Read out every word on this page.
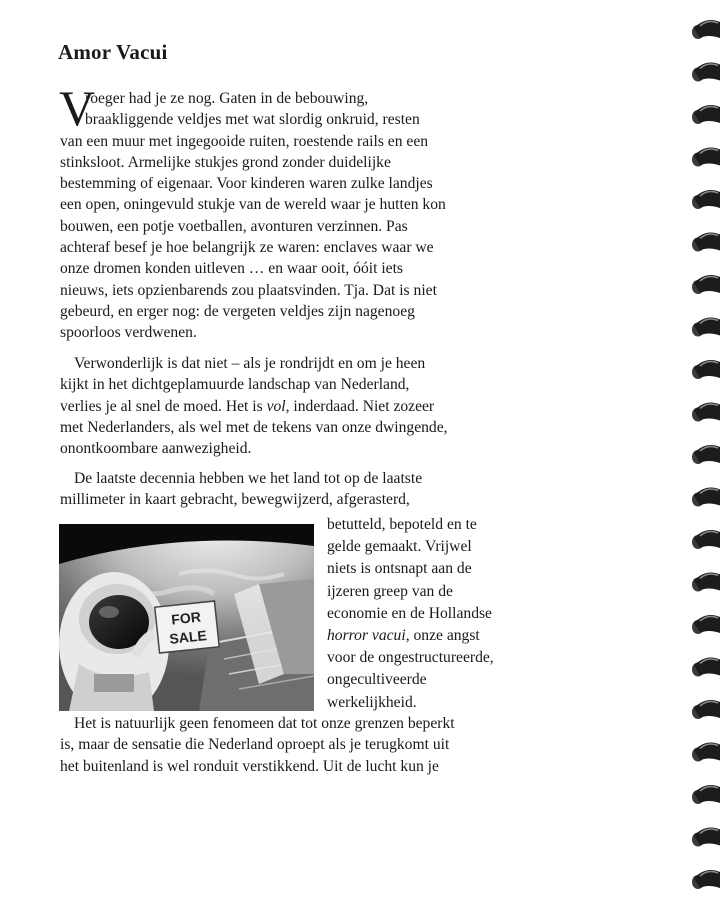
Amor Vacui
V
roeger had je ze nog. Gaten in de bebouwing,
braakliggende veldjes met wat slordig onkruid, resten
van een muur met ingegooide ruiten, roestende rails en een
stinksloot. Armelijke stukjes grond zonder duidelijke
bestemming of eigenaar. Voor kinderen waren zulke landjes
een open, oningevuld stukje van de wereld waar je hutten kon
bouwen, een potje voetballen, avonturen verzinnen. Pas
achteraf besef je hoe belangrijk ze waren: enclaves waar we
onze dromen konden uitleven … en waar ooit, óóit iets
nieuws, iets opzienbarends zou plaatsvinden. Tja. Dat is niet
gebeurd, en erger nog: de vergeten veldjes zijn nagenoeg
spoorloos verdwenen.
Verwonderlijk is dat niet – als je rondrijdt en om je heen
kijkt in het dichtgeplamuurde landschap van Nederland,
verlies je al snel de moed. Het is vol, inderdaad. Niet zozeer
met Nederlanders, als wel met de tekens van onze dwingende,
onontkoombare aanwezigheid.
De laatste decennia hebben we het land tot op de laatste
millimeter in kaart gebracht, bewegwijzerd, afgerasterd,
FOR
SALE
betutteld, bepoteld en te
gelde gemaakt. Vrijwel
niets is ontsnapt aan de
ijzeren greep van de
economie en de Hollandse
horror vacui, onze angst
voor de ongestructureerde,
ongecultiveerde
werkelijkheid.
Het is natuurlijk geen fenomeen dat tot onze grenzen beperkt
is, maar de sensatie die Nederland oproept als je terugkomt uit
het buitenland is wel ronduit verstikkend. Uit de lucht kun je
